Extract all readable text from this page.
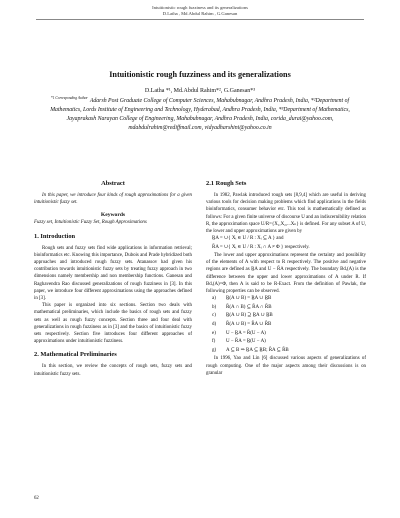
Intuitionistic rough fuzziness and its generalizations
D.Latha , Md.Abdul Rahim , G.Ganesan
Intuitionistic rough fuzziness and its generalizations
D.Latha *¹, Md.Abdul Rahim*², G.Ganesan*³
$^{*1 Corresponding Author}$ Adarsh Post Graduate College of Computer Sciences, Mahabubnagar, Andhra Pradesh, India, *²Department of Mathematics, Lords Institute of Engineering and Technology, Hyderabad, Andhra Pradesh, India, *³Department of Mathematics, Jayaprakash Narayan College of Engineering, Mahabubnagar, Andhra Pradesh, India, corida_durai@yahoo.com, mdabdulrahim@rediffmail.com, vidyadharshini@yahoo.co.in
Abstract

In this paper, we introduce four kinds of rough approximations for a given intuitionistic fuzzy set.

Keywords

Fuzzy set, Intuitionistic Fuzzy Set, Rough Approximations

1. Introduction

Rough sets and fuzzy sets find wide applications in information retrieval; bioinformatics etc. Knowing this importance, Dubois and Prade hybridized both approaches and introduced rough fuzzy sets. Atanassov had given his contribution towards intuitionistic fuzzy sets by treating fuzzy approach in two dimensions namely membership and non membership functions. Ganesan and Raghavendra Rao discussed generalizations of rough fuzziness in [3]. In this paper, we introduce four different approximations using the approaches defined in [3].

This paper is organized into six sections. Section two deals with mathematical preliminaries, which include the basics of rough sets and fuzzy sets as well as rough fuzzy concepts. Section three and four deal with generalizations in rough fuzziness as in [3] and the basics of intuitionistic fuzzy sets respectively. Section five introduces four different approaches of approximations under intuitionistic fuzziness.

2. Mathematical Preliminaries

In this section, we review the concepts of rough sets, fuzzy sets and intuitionistic fuzzy sets.

2.1 Rough Sets

In 1982, Pawlak introduced rough sets [8,9,4] which are useful in deriving various tools for decision making problems which find applications in the fields bioinformatics, consumer behavior etc. This tool is mathematically defined as follows: For a given finite universe of discourse U and an indiscernibility relation R, the approximation space U/R={X₁,X₂,...Xₙ} is defined. For any subset A of U, the lower and upper approximations are given by

R̲A = ∪{ Xᵢ ∈ U / R : Xᵢ ⊆ A } and
R̄A = ∪{ Xᵢ ∈ U / R : Xᵢ ∩ A ≠ Φ } respectively.

The lower and upper approximations represent the certainty and possibility of the elements of A with respect to R respectively. The positive and negative regions are defined as R̲A and U − R̄A respectively. The boundary Bdᵣ(A) is the difference between the upper and lower approximations of A under R. If Bdᵣ(A)=Φ, then A is said to be R-Exact. From the definition of Pawlak, the following properties can be observed.

a)	R̲(A ∪ B) = R̲A ∪ R̲B
b)	R̄(A ∩ B) ⊆ R̄A ∩ R̄B
c)	R̲(A ∪ B) ⊇ R̲A ∪ R̲B
d)	R̄(A ∪ B) = R̄A ∪ R̄B
e)	U − R̲A = R̄(U − A)
f)	U − R̄A = R̲(U − A)
g)	A ⊆ B ⇒ R̲A ⊆ R̲B; R̄A ⊆ R̄B

In 1996, Yao and Lin [6] discussed various aspects of generalizations of rough computing. One of the major aspects among their discussions is on granular

62
